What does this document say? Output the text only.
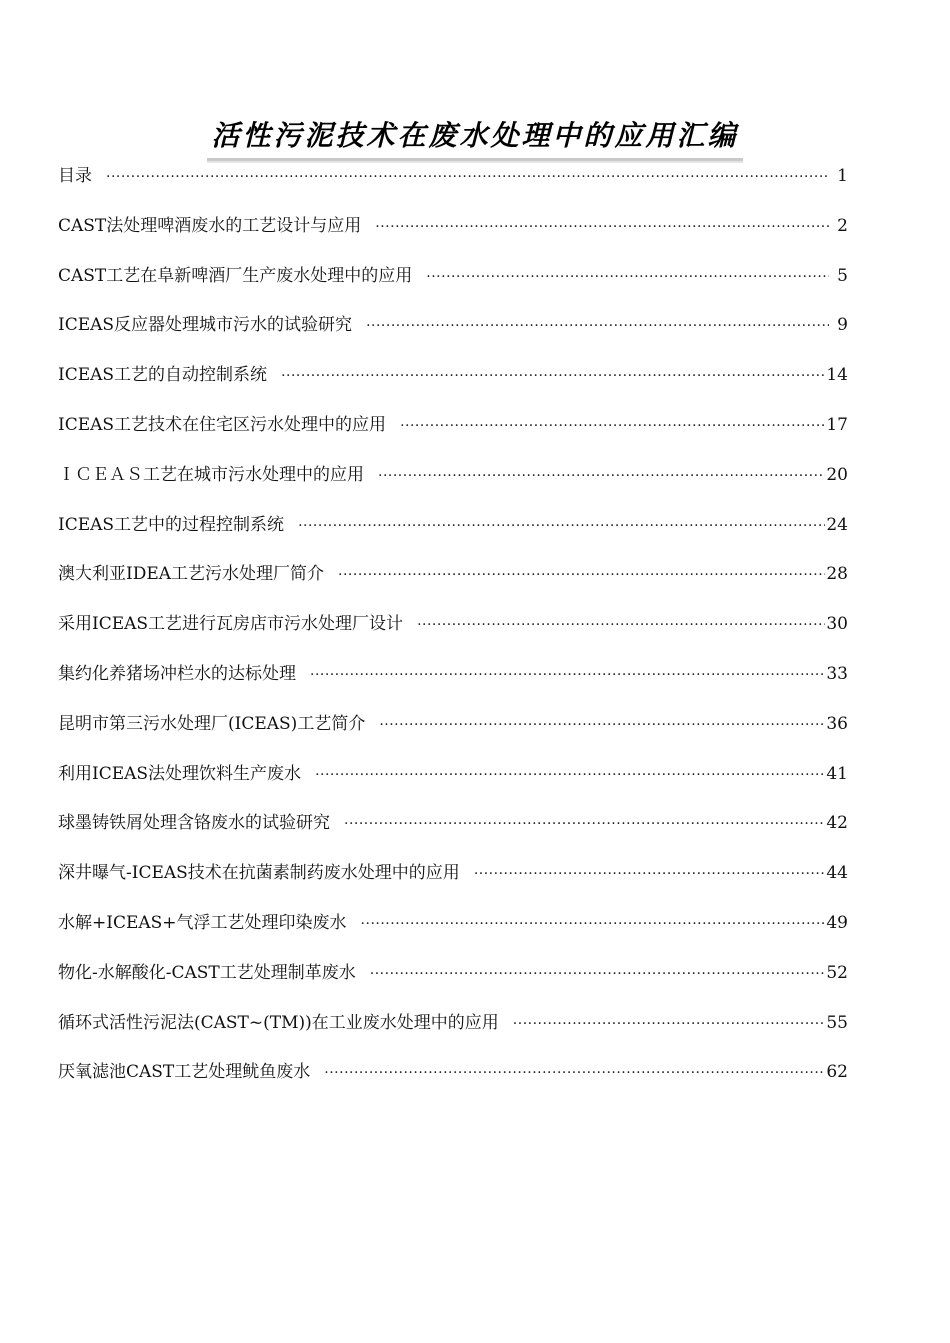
活性污泥技术在废水处理中的应用汇编
目录 ·····	1
CAST法处理啤酒废水的工艺设计与应用 ·····	2
CAST工艺在阜新啤酒厂生产废水处理中的应用 ·····	5
ICEAS反应器处理城市污水的试验研究 ·····	9
ICEAS工艺的自动控制系统 ·····	14
ICEAS工艺技术在住宅区污水处理中的应用 ·····	17
ＩＣＥＡＳ工艺在城市污水处理中的应用 ·····	20
ICEAS工艺中的过程控制系统 ·····	24
澳大利亚IDEA工艺污水处理厂简介 ·····	28
采用ICEAS工艺进行瓦房店市污水处理厂设计 ·····	30
集约化养猪场冲栏水的达标处理 ·····	33
昆明市第三污水处理厂(ICEAS)工艺简介 ·····	36
利用ICEAS法处理饮料生产废水 ·····	41
球墨铸铁屑处理含铬废水的试验研究 ·····	42
深井曝气-ICEAS技术在抗菌素制药废水处理中的应用 ·····	44
水解+ICEAS+气浮工艺处理印染废水 ·····	49
物化-水解酸化-CAST工艺处理制革废水 ·····	52
循环式活性污泥法(CAST~(TM))在工业废水处理中的应用 ·····	55
厌氧滤池CAST工艺处理鱿鱼废水 ·····	62
